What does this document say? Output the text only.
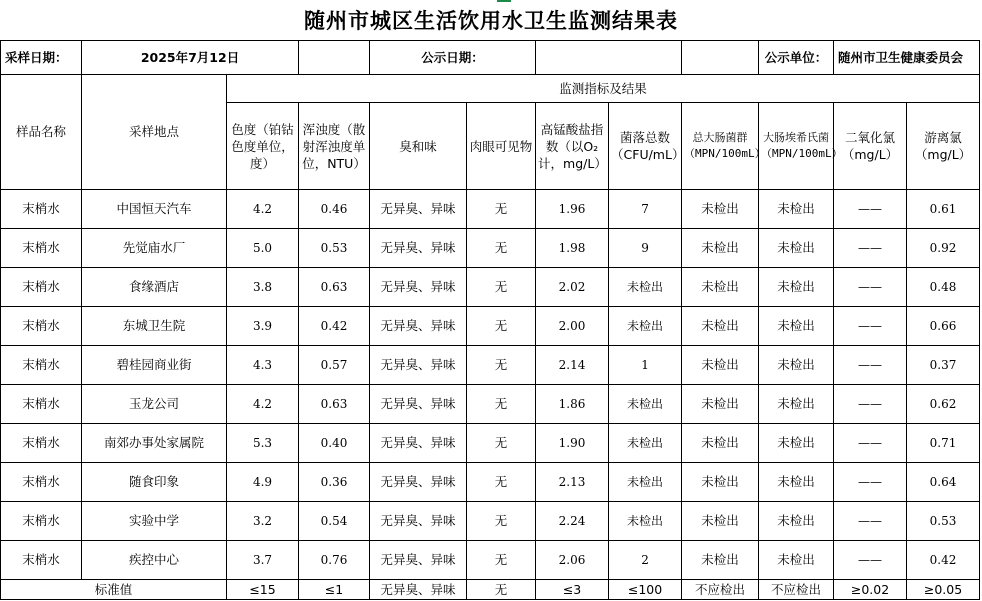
随州市城区生活饮用水卫生监测结果表
采样日期：	2025年7月12日			公示日期：					公示单位：	随州市卫生健康委员会	
样品名称	采样地点	监测指标及结果									
		色度（铂钴色度单位，度）	浑浊度（散射浑浊度单位，NTU）	臭和味	肉眼可见物	高锰酸盐指数（以O₂计，mg/L）	菌落总数（CFU/mL）	总大肠菌群（MPN/100mL）	大肠埃希氏菌（MPN/100mL）	二氧化氯（mg/L）	游离氯（mg/L）
末梢水	中国恒天汽车	4.2	0.46	无异臭、异味	无	1.96	7	未检出	未检出	——	0.61
末梢水	先觉庙水厂	5.0	0.53	无异臭、异味	无	1.98	9	未检出	未检出	——	0.92
末梢水	食缘酒店	3.8	0.63	无异臭、异味	无	2.02	未检出	未检出	未检出	——	0.48
末梢水	东城卫生院	3.9	0.42	无异臭、异味	无	2.00	未检出	未检出	未检出	——	0.66
末梢水	碧桂园商业街	4.3	0.57	无异臭、异味	无	2.14	1	未检出	未检出	——	0.37
末梢水	玉龙公司	4.2	0.63	无异臭、异味	无	1.86	未检出	未检出	未检出	——	0.62
末梢水	南郊办事处家属院	5.3	0.40	无异臭、异味	无	1.90	未检出	未检出	未检出	——	0.71
末梢水	随食印象	4.9	0.36	无异臭、异味	无	2.13	未检出	未检出	未检出	——	0.64
末梢水	实验中学	3.2	0.54	无异臭、异味	无	2.24	未检出	未检出	未检出	——	0.53
末梢水	疾控中心	3.7	0.76	无异臭、异味	无	2.06	2	未检出	未检出	——	0.42
标准值		≤15	≤1	无异臭、异味	无	≤3	≤100	不应检出	不应检出	≥0.02	≥0.05
